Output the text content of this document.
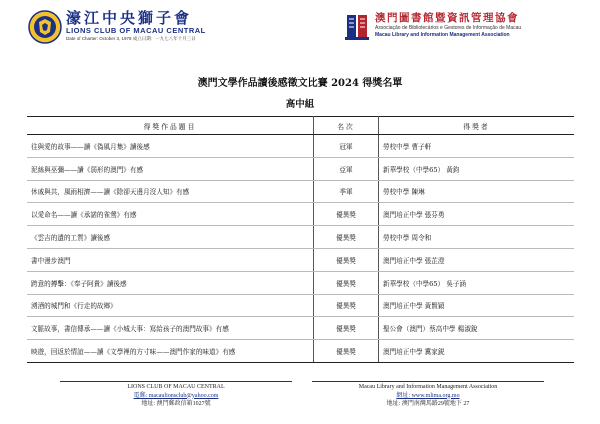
濠江中央獅子會
LIONS CLUB OF MACAU CENTRAL
Date of Charter: October 3, 1978 成立日期：一九七八年十月三日
澳門圖書館暨資訊管理協會
Associação de Bibliotecários e Gestores de Informação de Macau
Macau Library and Information Management Association
澳門文學作品讀後感徵文比賽 2024 得獎名單
高中組
得獎作品題目	名次	得獎者
往與愛的故事——讀《偽風月集》讀後感	冠軍	勞校中學 曹子軒
泥絲與巫彌——讀《弱形的澳門》有感	亞軍	新華學校（中學65） 黃鈞
休戚與共，風雨相濟——讀《除卻天邊月沒人知》有感	季軍	勞校中學 陳琳
以愛命名——讀《承諾的雀鶯》有感	優異獎	澳門培正中學 張芬勇
《雲吉的遺的工質》讀後感	優異獎	勞校中學 周令和
書中漫步澳門	優異獎	澳門培正中學 張芷澄
跨意的搏擊：《奉子阿貴》讀後感	優異獎	新華學校（中學65） 吳子涵
湧酒的城門和《行走的故鄉》	優異獎	澳門培正中學 黃賢穎
文脈故事，書信傳承——讀《小城大事：寫給孩子的澳門故事》有感	優異獎	聖公會（澳門）蔡高中學 楊淑銳
映遊，回返於情誼——讀《文學裡的方寸味——澳門作家的味道》有感	優異獎	澳門培正中學 冀家鋭
LIONS CLUB OF MACAU CENTRAL
電郵: macaulionsclub@yahoo.com
地址: 澳門郵政信箱1027號
Macau Library and Information Management Association
網址: www.mlima.org.mo
地址: 澳門南灣馬路29號地下 27
